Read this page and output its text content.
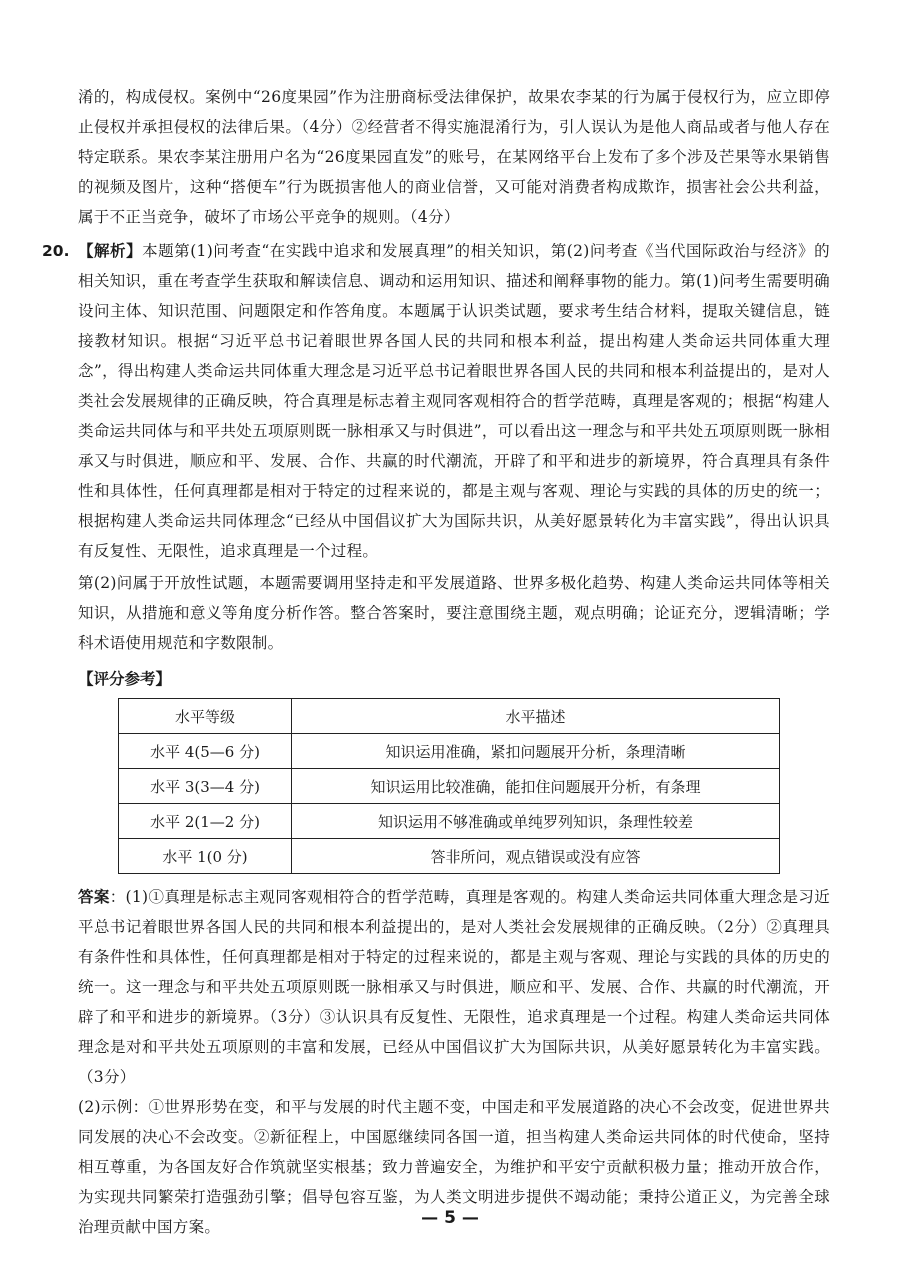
淆的，构成侵权。案例中“26度果园”作为注册商标受法律保护，故果农李某的行为属于侵权行为，应立即停止侵权并承担侵权的法律后果。（4分）②经营者不得实施混淆行为，引人误认为是他人商品或者与他人存在特定联系。果农李某注册用户名为“26度果园直发”的账号，在某网络平台上发布了多个涉及芒果等水果销售的视频及图片，这种“搭便车”行为既损害他人的商业信誉，又可能对消费者构成欺诈，损害社会公共利益，属于不正当竞争，破坏了市场公平竞争的规则。（4分）

20. 【解析】本题第(1)问考查“在实践中追求和发展真理”的相关知识，第(2)问考查《当代国际政治与经济》的相关知识，重在考查学生获取和解读信息、调动和运用知识、描述和阐释事物的能力。第(1)问考生需要明确设问主体、知识范围、问题限定和作答角度。本题属于认识类试题，要求考生结合材料，提取关键信息，链接教材知识。根据“习近平总书记着眼世界各国人民的共同和根本利益，提出构建人类命运共同体重大理念”，得出构建人类命运共同体重大理念是习近平总书记着眼世界各国人民的共同和根本利益提出的，是对人类社会发展规律的正确反映，符合真理是标志着主观同客观相符合的哲学范畴，真理是客观的；根据“构建人类命运共同体与和平共处五项原则既一脉相承又与时俱进”，可以看出这一理念与和平共处五项原则既一脉相承又与时俱进，顺应和平、发展、合作、共赢的时代潮流，开辟了和平和进步的新境界，符合真理具有条件性和具体性，任何真理都是相对于特定的过程来说的，都是主观与客观、理论与实践的具体的历史的统一；根据构建人类命运共同体理念“已经从中国倡议扩大为国际共识，从美好愿景转化为丰富实践”，得出认识具有反复性、无限性，追求真理是一个过程。

第(2)问属于开放性试题，本题需要调用坚持走和平发展道路、世界多极化趋势、构建人类命运共同体等相关知识，从措施和意义等角度分析作答。整合答案时，要注意围绕主题，观点明确；论证充分，逻辑清晰；学科术语使用规范和字数限制。

【评分参考】
水平等级	水平描述
水平 4(5—6 分)	知识运用准确，紧扣问题展开分析，条理清晰
水平 3(3—4 分)	知识运用比较准确，能扣住问题展开分析，有条理
水平 2(1—2 分)	知识运用不够准确或单纯罗列知识，条理性较差
水平 1(0 分)	答非所问，观点错误或没有应答

答案：(1)①真理是标志主观同客观相符合的哲学范畴，真理是客观的。构建人类命运共同体重大理念是习近平总书记着眼世界各国人民的共同和根本利益提出的，是对人类社会发展规律的正确反映。（2分）②真理具有条件性和具体性，任何真理都是相对于特定的过程来说的，都是主观与客观、理论与实践的具体的历史的统一。这一理念与和平共处五项原则既一脉相承又与时俱进，顺应和平、发展、合作、共赢的时代潮流，开辟了和平和进步的新境界。（3分）③认识具有反复性、无限性，追求真理是一个过程。构建人类命运共同体理念是对和平共处五项原则的丰富和发展，已经从中国倡议扩大为国际共识，从美好愿景转化为丰富实践。（3分）

(2)示例：①世界形势在变，和平与发展的时代主题不变，中国走和平发展道路的决心不会改变，促进世界共同发展的决心不会改变。②新征程上，中国愿继续同各国一道，担当构建人类命运共同体的时代使命，坚持相互尊重，为各国友好合作筑就坚实根基；致力普遍安全，为维护和平安宁贡献积极力量；推动开放合作，为实现共同繁荣打造强劲引擎；倡导包容互鉴，为人类文明进步提供不竭动能；秉持公道正义，为完善全球治理贡献中国方案。	— 5 —
